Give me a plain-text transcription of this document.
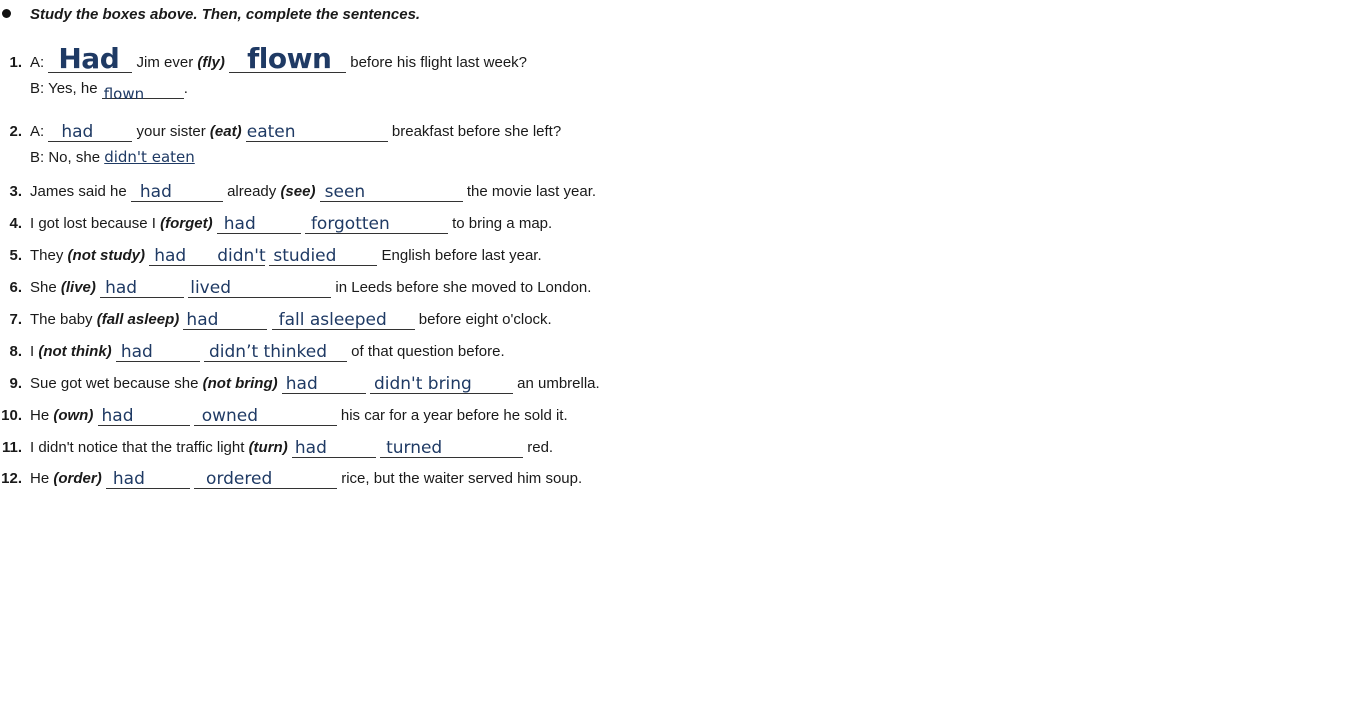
Study the boxes above. Then, complete the sentences.
1. A: Had Jim ever (fly) flown before his flight last week?
B: Yes, he flown	.
2. A: had	your sister (eat) eaten	breakfast before she left?
B: No, she didn't eaten
3. James said he had	already (see) seen	the movie last year.
4. I got lost because I (forget) had
	forgotten	to bring a map.
5. They (not study) had didn't
studied	English before last year.
6. She (live) had
	lived	in Leeds before she moved to London.
7. The baby (fall asleep) had
	fall asleeped before eight o'clock.
8. I (not think) had
	didn’t thinked of that question before.
9. Sue got wet because she (not bring) had
	didn't bring	an umbrella.
10. He (own) had
	owned	his car for a year before he sold it.
11. I didn't notice that the traffic light (turn) had
	turned	red.
12. He (order) had
	ordered	rice, but the waiter served him soup.
